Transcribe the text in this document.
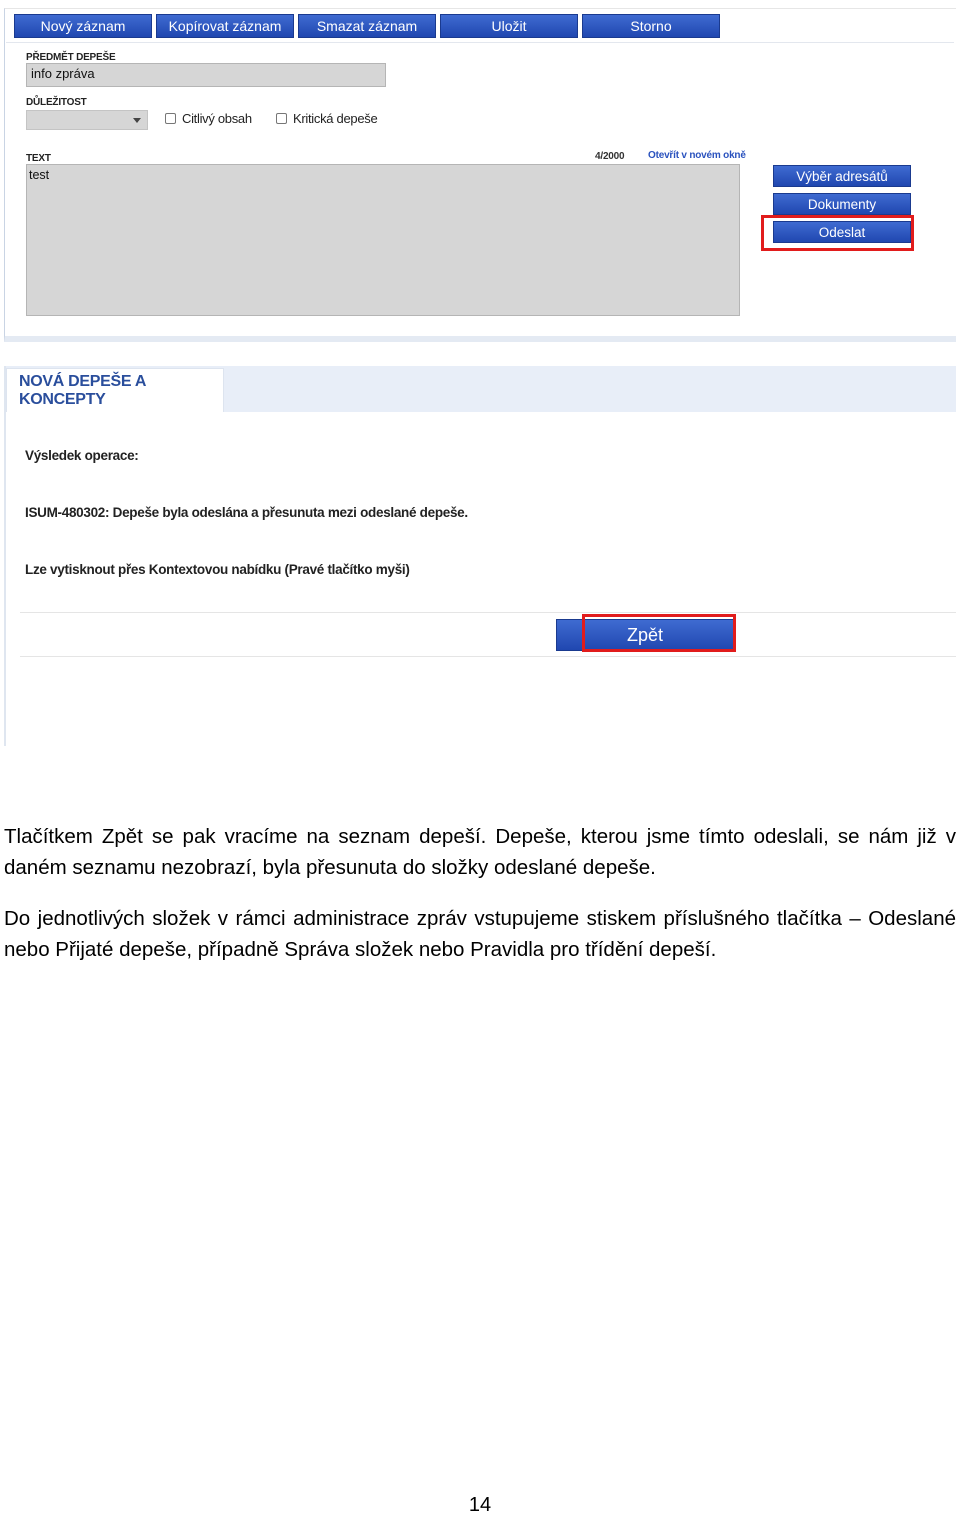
Nový záznam	Kopírovat záznam	Smazat záznam	Uložit	Storno
PŘEDMĚT DEPEŠE
info zpráva
DŮLEŽITOST
Citlivý obsah	Kritická depeše
TEXT	4/2000 Otevřít v novém okně
test	Výběr adresátů
Dokumenty
Odeslat
NOVÁ DEPEŠE A KONCEPTY
Výsledek operace:
ISUM-480302: Depeše byla odeslána a přesunuta mezi odeslané depeše.
Lze vytisknout přes Kontextovou nabídku (Pravé tlačítko myši)
Zpět
Tlačítkem Zpět se pak vracíme na seznam depeší. Depeše, kterou jsme tímto odeslali, se nám již v daném seznamu nezobrazí, byla přesunuta do složky odeslané depeše.
Do jednotlivých složek v rámci administrace zpráv vstupujeme stiskem příslušného tlačítka – Odeslané nebo Přijaté depeše, případně Správa složek nebo Pravidla pro třídění depeší.
14
